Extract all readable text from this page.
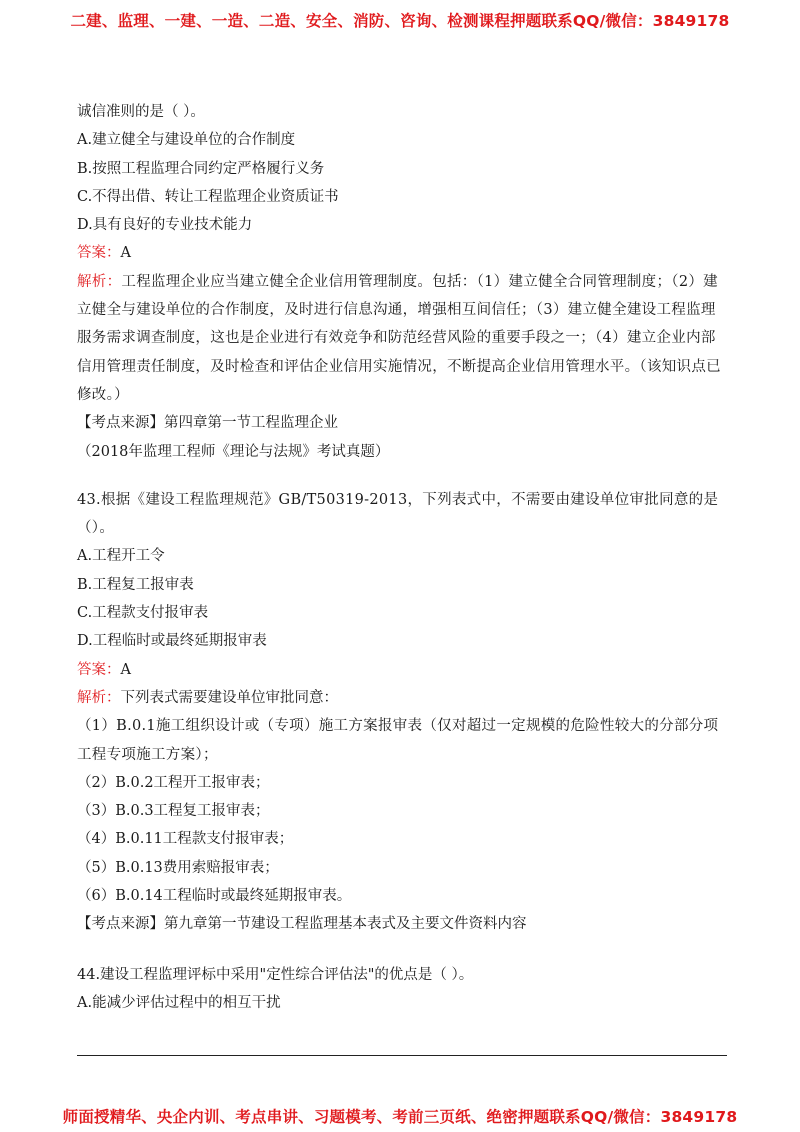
二建、监理、一建、一造、二造、安全、消防、咨询、检测课程押题联系QQ/微信：3849178
诚信准则的是（ ）。
A.建立健全与建设单位的合作制度
B.按照工程监理合同约定严格履行义务
C.不得出借、转让工程监理企业资质证书
D.具有良好的专业技术能力
答案：A
解析：工程监理企业应当建立健全企业信用管理制度。包括：（1）建立健全合同管理制度；（2）建立健全与建设单位的合作制度，及时进行信息沟通，增强相互间信任；（3）建立健全建设工程监理服务需求调查制度，这也是企业进行有效竞争和防范经营风险的重要手段之一；（4）建立企业内部信用管理责任制度，及时检查和评估企业信用实施情况，不断提高企业信用管理水平。（该知识点已修改。）
【考点来源】第四章第一节工程监理企业
（2018年监理工程师《理论与法规》考试真题）
43.根据《建设工程监理规范》GB/T50319-2013，下列表式中，不需要由建设单位审批同意的是（）。
A.工程开工令
B.工程复工报审表
C.工程款支付报审表
D.工程临时或最终延期报审表
答案：A
解析：下列表式需要建设单位审批同意：
（1）B.0.1施工组织设计或（专项）施工方案报审表（仅对超过一定规模的危险性较大的分部分项工程专项施工方案）；
（2）B.0.2工程开工报审表；
（3）B.0.3工程复工报审表；
（4）B.0.11工程款支付报审表；
（5）B.0.13费用索赔报审表；
（6）B.0.14工程临时或最终延期报审表。
【考点来源】第九章第一节建设工程监理基本表式及主要文件资料内容
44.建设工程监理评标中采用"定性综合评估法"的优点是（ ）。
A.能减少评估过程中的相互干扰
师面授精华、央企内训、考点串讲、习题模考、考前三页纸、绝密押题联系QQ/微信：3849178
